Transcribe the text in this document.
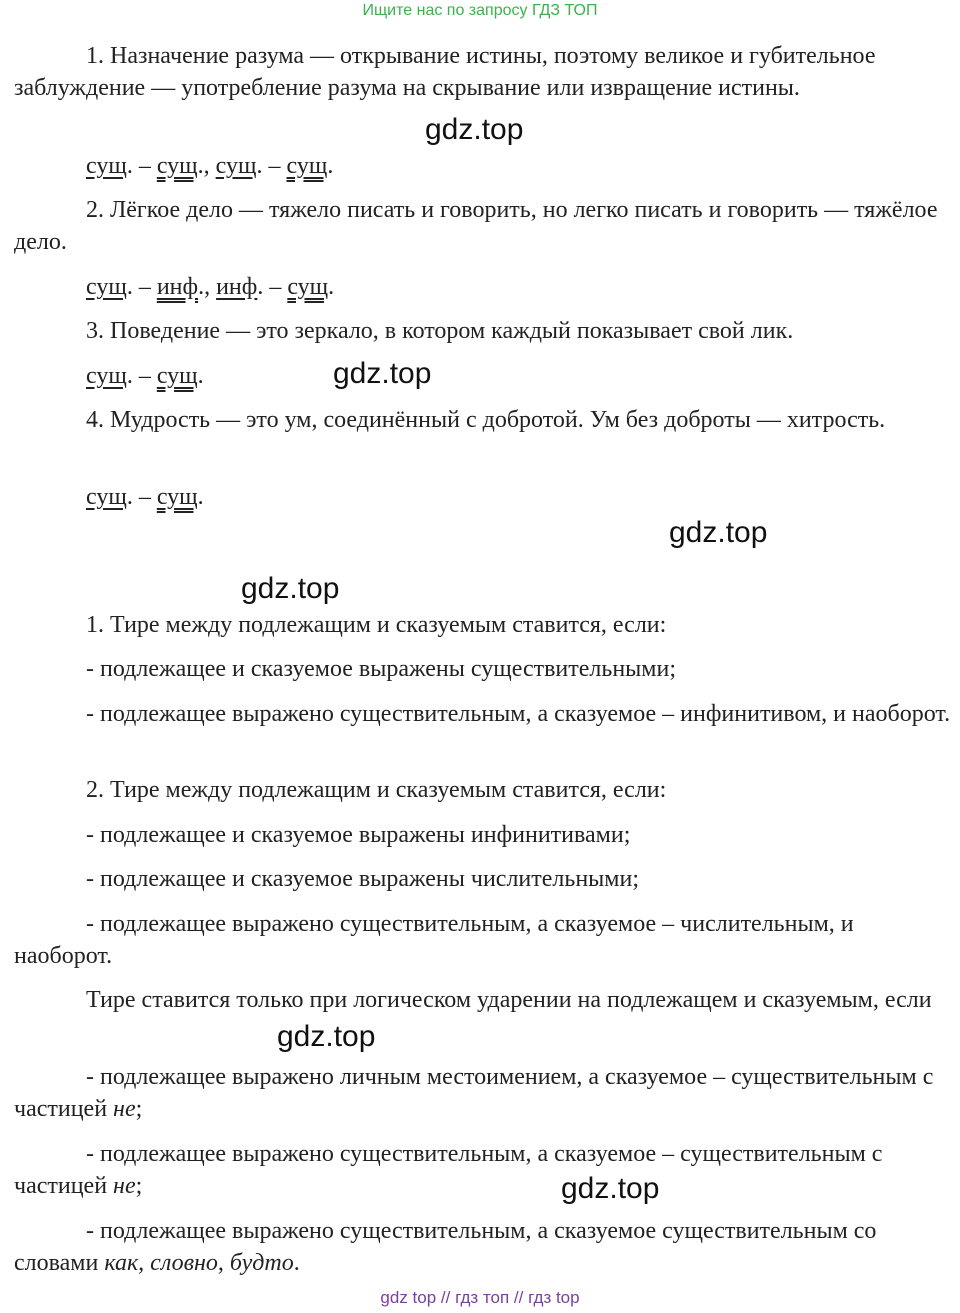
Ищите нас по запросу ГДЗ ТОП

1. Назначение разума — открывание истины, поэтому великое и губительное заблуждение — употребление разума на скрывание или извращение истины.

сущ. – сущ., сущ. – сущ.

2. Лёгкое дело — тяжело писать и говорить, но легко писать и говорить — тяжёлое дело.

сущ. – инф., инф. – сущ.

3. Поведение — это зеркало, в котором каждый показывает свой лик.

сущ. – сущ.

4. Мудрость — это ум, соединённый с добротой. Ум без доброты — хитрость.

сущ. – сущ.

1. Тире между подлежащим и сказуемым ставится, если:

- подлежащее и сказуемое выражены существительными;

- подлежащее выражено существительным, а сказуемое – инфинитивом, и наоборот.

2. Тире между подлежащим и сказуемым ставится, если:

- подлежащее и сказуемое выражены инфинитивами;

- подлежащее и сказуемое выражены числительными;

- подлежащее выражено существительным, а сказуемое – числительным, и наоборот.

Тире ставится только при логическом ударении на подлежащем и сказуемым, если

- подлежащее выражено личным местоимением, а сказуемое – существительным с частицей не;

- подлежащее выражено существительным, а сказуемое – существительным с частицей не;

- подлежащее выражено существительным, а сказуемое существительным со словами как, словно, будто.

gdz.top
gdz.top
gdz.top
gdz.top
gdz.top
gdz.top
gdz top // гдз топ // гдз top
